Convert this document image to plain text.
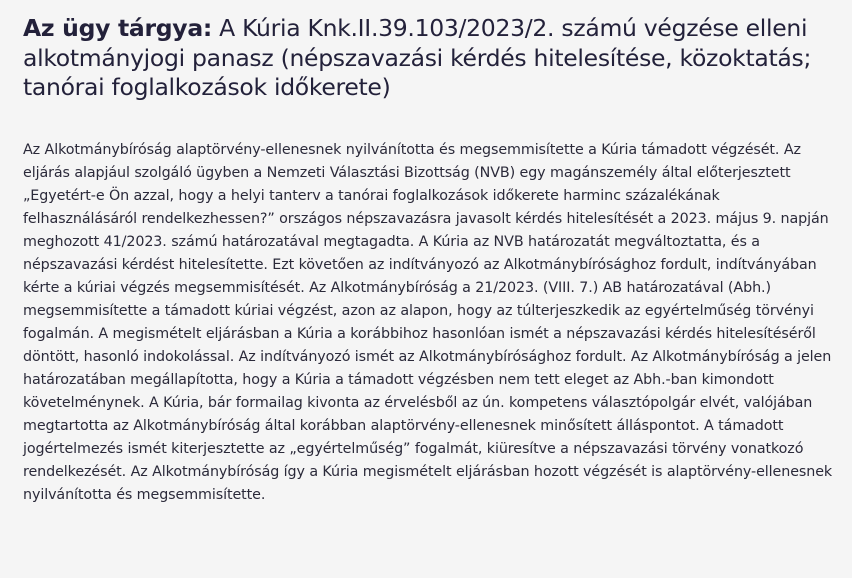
Az ügy tárgya: A Kúria Knk.II.39.103/2023/2. számú végzése elleni alkotmányjogi panasz (népszavazási kérdés hitelesítése, közoktatás; tanórai foglalkozások időkerete)

Az Alkotmánybíróság alaptörvény-ellenesnek nyilvánította és megsemmisítette a Kúria támadott végzését. Az eljárás alapjául szolgáló ügyben a Nemzeti Választási Bizottság (NVB) egy magánszemély által előterjesztett „Egyetért-e Ön azzal, hogy a helyi tanterv a tanórai foglalkozások időkerete harminc százalékának felhasználásáról rendelkezhessen?” országos népszavazásra javasolt kérdés hitelesítését a 2023. május 9. napján meghozott 41/2023. számú határozatával megtagadta. A Kúria az NVB határozatát megváltoztatta, és a népszavazási kérdést hitelesítette. Ezt követően az indítványozó az Alkotmánybírósághoz fordult, indítványában kérte a kúriai végzés megsemmisítését. Az Alkotmánybíróság a 21/2023. (VIII. 7.) AB határozatával (Abh.) megsemmisítette a támadott kúriai végzést, azon az alapon, hogy az túlterjeszkedik az egyértelműség törvényi fogalmán. A megismételt eljárásban a Kúria a korábbihoz hasonlóan ismét a népszavazási kérdés hitelesítéséről döntött, hasonló indokolással. Az indítványozó ismét az Alkotmánybírósághoz fordult. Az Alkotmánybíróság a jelen határozatában megállapította, hogy a Kúria a támadott végzésben nem tett eleget az Abh.-ban kimondott követelménynek. A Kúria, bár formailag kivonta az érvelésből az ún. kompetens választópolgár elvét, valójában megtartotta az Alkotmánybíróság által korábban alaptörvény-ellenesnek minősített álláspontot. A támadott jogértelmezés ismét kiterjesztette az „egyértelműség” fogalmát, kiüresítve a népszavazási törvény vonatkozó rendelkezését. Az Alkotmánybíróság így a Kúria megismételt eljárásban hozott végzését is alaptörvény-ellenesnek nyilvánította és megsemmisítette.
